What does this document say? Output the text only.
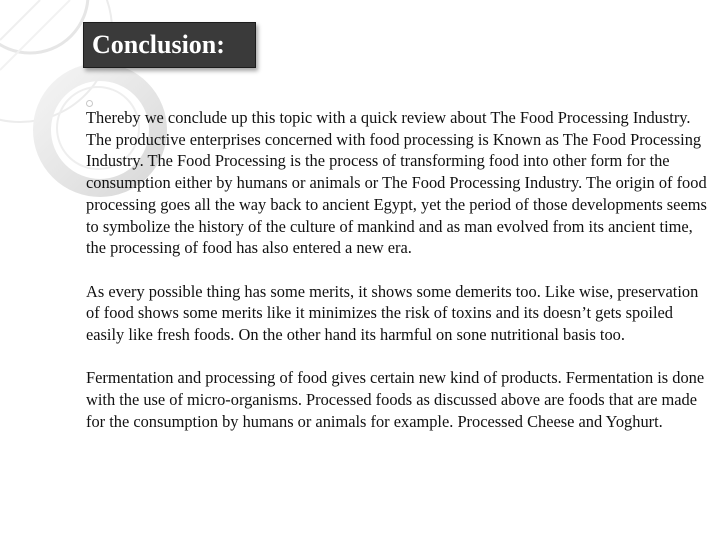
Conclusion:

Thereby we conclude up this topic with a quick review about The Food Processing Industry. The productive enterprises concerned with food processing is Known as The Food Processing Industry. The Food Processing is the process of transforming food into other form for the consumption either by humans or animals or The Food Processing Industry. The origin of food processing goes all the way back to ancient Egypt, yet the period of those developments seems to symbolize the history of the culture of mankind and as man evolved from its ancient time, the processing of food has also entered a new era.

As every possible thing has some merits, it shows some demerits too. Like wise, preservation of food shows some merits like it minimizes the risk of toxins and its doesn’t gets spoiled easily like fresh foods. On the other hand its harmful on sone nutritional basis too.

Fermentation and processing of food gives certain new kind of products. Fermentation is done with the use of micro-organisms. Processed foods as discussed above are foods that are made for the consumption by humans or animals for example. Processed Cheese and Yoghurt.
